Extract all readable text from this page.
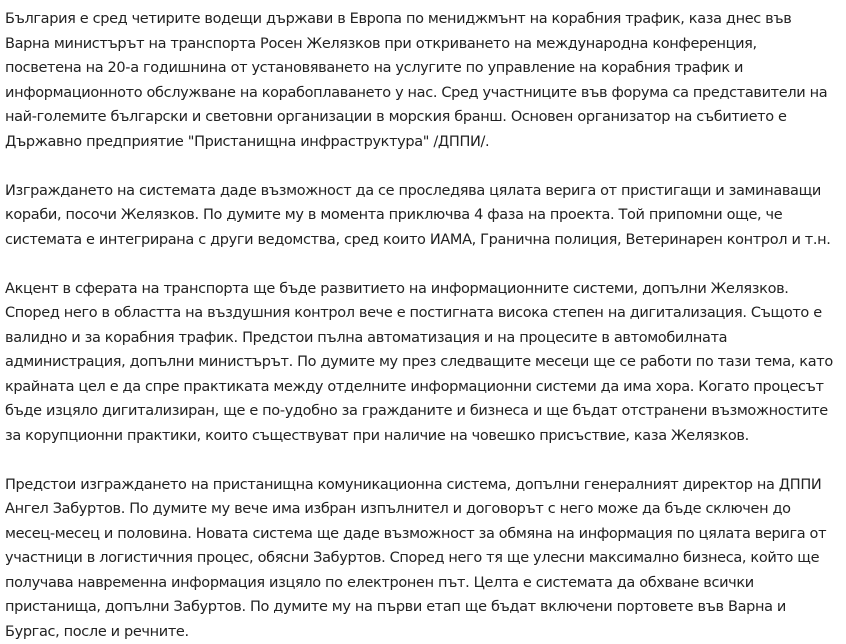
България е сред четирите водещи държави в Европа по мениджмънт на корабния трафик, каза днес във Варна министърът на транспорта Росен Желязков при откриването на международна конференция, посветена на 20-а годишнина от установяването на услугите по управление на корабния трафик и информационното обслужване на корабоплаването у нас. Сред участниците във форума са представители на най-големите български и световни организации в морския бранш. Основен организатор на събитието е Държавно предприятие "Пристанищна инфраструктура" /ДППИ/.

Изграждането на системата даде възможност да се проследява цялата верига от пристигащи и заминаващи кораби, посочи Желязков. По думите му в момента приключва 4 фаза на проекта. Той припомни още, че системата е интегрирана с други ведомства, сред които ИАМА, Гранична полиция, Ветеринарен контрол и т.н.

Акцент в сферата на транспорта ще бъде развитието на информационните системи, допълни Желязков. Според него в областта на въздушния контрол вече е постигната висока степен на дигитализация. Същото е валидно и за корабния трафик. Предстои пълна автоматизация и на процесите в автомобилната администрация, допълни министърът. По думите му през следващите месеци ще се работи по тази тема, като крайната цел е да спре практиката между отделните информационни системи да има хора. Когато процесът бъде изцяло дигитализиран, ще е по-удобно за гражданите и бизнеса и ще бъдат отстранени възможностите за корупционни практики, които съществуват при наличие на човешко присъствие, каза Желязков.

Предстои изграждането на пристанищна комуникационна система, допълни генералният директор на ДППИ Ангел Забуртов. По думите му вече има избран изпълнител и договорът с него може да бъде сключен до месец-месец и половина. Новата система ще даде възможност за обмяна на информация по цялата верига от участници в логистичния процес, обясни Забуртов. Според него тя ще улесни максимално бизнеса, който ще получава навременна информация изцяло по електронен път. Целта е системата да обхване всички пристанища, допълни Забуртов. По думите му на първи етап ще бъдат включени портовете във Варна и Бургас, после и речните.
